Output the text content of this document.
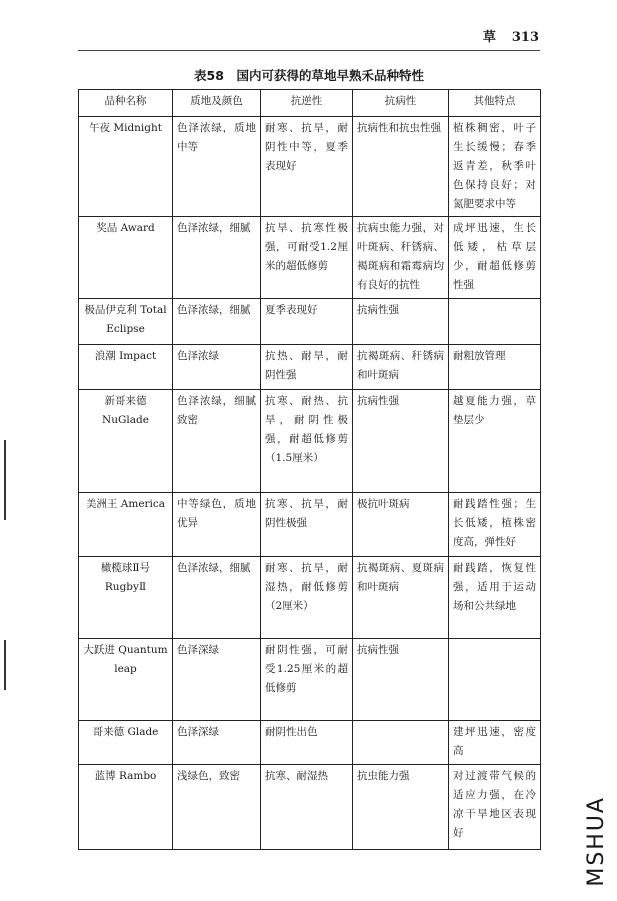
草 313
表58　国内可获得的草地早熟禾品种特性
品种名称	质地及颜色	抗逆性	抗病性	其他特点
午夜 Midnight	色泽浓绿，质地中等	耐寒、抗旱，耐阴性中等，夏季表现好	抗病性和抗虫性强	植株稠密，叶子生长缓慢；春季返青差，秋季叶色保持良好；对氮肥要求中等
奖品 Award	色泽浓绿，细腻	抗旱、抗寒性极强，可耐受1.2厘米的超低修剪	抗病虫能力强，对叶斑病、秆锈病、褐斑病和霜霉病均有良好的抗性	成坪迅速，生长低矮，枯草层少，耐超低修剪性强
极品伊克利 Total Eclipse	色泽浓绿，细腻	夏季表现好	抗病性强	
浪潮 Impact	色泽浓绿	抗热、耐旱，耐阴性强	抗褐斑病、秆锈病和叶斑病	耐粗放管理
新哥来德 NuGlade	色泽浓绿，细腻致密	抗寒、耐热、抗旱，耐阴性极强，耐超低修剪（1.5厘米）	抗病性强	越夏能力强，草垫层少
美洲王 America	中等绿色，质地优异	抗寒、抗旱，耐阴性极强	极抗叶斑病	耐践踏性强；生长低矮，植株密度高，弹性好
橄榄球Ⅱ号 RugbyⅡ	色泽浓绿，细腻	耐寒、抗旱，耐湿热，耐低修剪（2厘米）	抗褐斑病、夏斑病和叶斑病	耐践踏，恢复性强，适用于运动场和公共绿地
大跃进 Quantum leap	色泽深绿	耐阴性强，可耐受1.25厘米的超低修剪	抗病性强	
哥来德 Glade	色泽深绿	耐阴性出色		建坪迅速，密度高
蓝博 Rambo	浅绿色，致密	抗寒、耐湿热	抗虫能力强	对过渡带气候的适应力强，在冷凉干旱地区表现好	MSHUA
